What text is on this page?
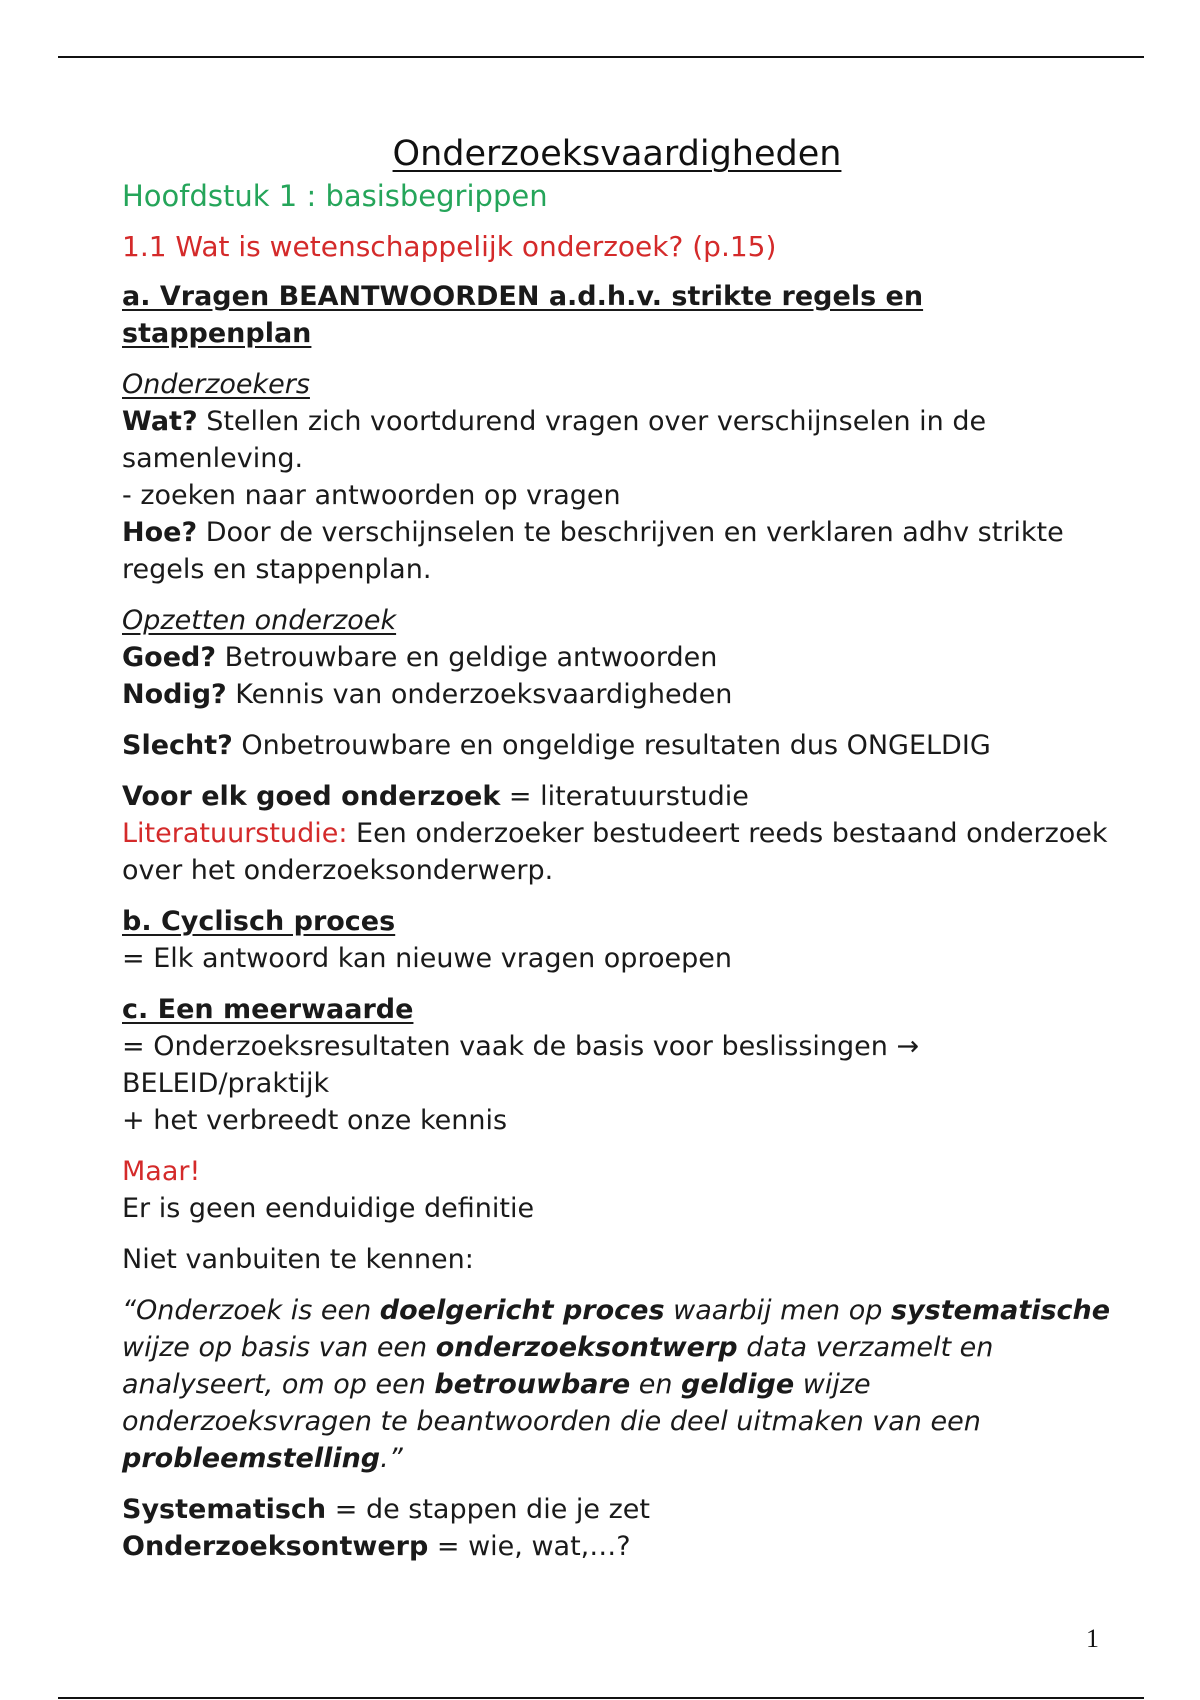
Onderzoeksvaardigheden

Hoofdstuk 1 : basisbegrippen

1.1 Wat is wetenschappelijk onderzoek? (p.15)

a. Vragen BEANTWOORDEN a.d.h.v. strikte regels en stappenplan

Onderzoekers

Wat? Stellen zich voortdurend vragen over verschijnselen in de samenleving.

- zoeken naar antwoorden op vragen

Hoe? Door de verschijnselen te beschrijven en verklaren adhv strikte regels en stappenplan.

Opzetten onderzoek

Goed? Betrouwbare en geldige antwoorden

Nodig? Kennis van onderzoeksvaardigheden

Slecht? Onbetrouwbare en ongeldige resultaten dus ONGELDIG

Voor elk goed onderzoek = literatuurstudie

Literatuurstudie: Een onderzoeker bestudeert reeds bestaand onderzoek over het onderzoeksonderwerp.

b. Cyclisch proces

= Elk antwoord kan nieuwe vragen oproepen

c. Een meerwaarde

= Onderzoeksresultaten vaak de basis voor beslissingen → BELEID/praktijk

+ het verbreedt onze kennis

Maar!

Er is geen eenduidige definitie

Niet vanbuiten te kennen:

“Onderzoek is een doelgericht proces waarbij men op systematische wijze op basis van een onderzoeksontwerp data verzamelt en analyseert, om op een betrouwbare en geldige wijze onderzoeksvragen te beantwoorden die deel uitmaken van een probleemstelling.”

Systematisch = de stappen die je zet

Onderzoeksontwerp = wie, wat,…?

1
